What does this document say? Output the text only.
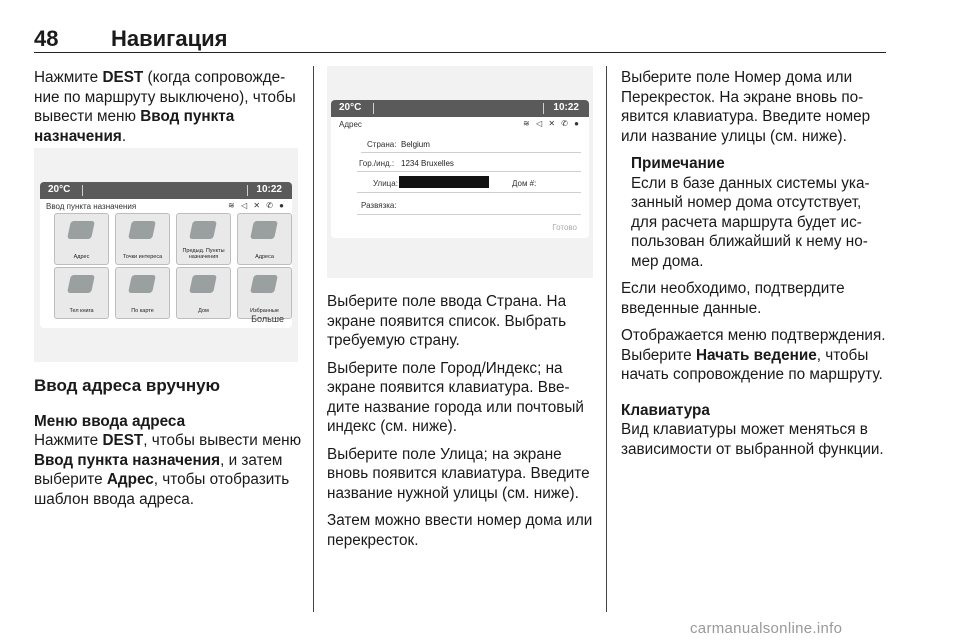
48 Навигация

Нажмите DEST (когда сопровождение по маршруту выключено), чтобы вывести меню Ввод пункта назначения.

20°C	10:22
Ввод пункта назначения	≋ ◁ ✕ ✆ ●
Адрес	Точки интереса
Предыд. Пункты назначения	Адреса
Тел книга	По карте	Дом	Избранные
Больше

Ввод адреса вручную

Меню ввода адреса

Нажмите DEST, чтобы вывести меню Ввод пункта назначения, и затем выберите Адрес, чтобы отобразить шаблон ввода адреса.

20°C	10:22
Адрес	≋ ◁ ✕ ✆ ●
Страна: Belgium
Гор./инд.: 1234 Bruxelles
Улица:	Дом #:
Развязка:
Готово

Выберите поле ввода Страна. На экране появится список. Выбрать требуемую страну.

Выберите поле Город/Индекс; на экране появится клавиатура. Введите название города или почтовый индекс (см. ниже).

Выберите поле Улица; на экране вновь появится клавиатура. Введите название нужной улицы (см. ниже).

Затем можно ввести номер дома или перекресток.

Выберите поле Номер дома или Перекресток. На экране вновь появится клавиатура. Введите номер или название улицы (см. ниже).

Примечание

Если в базе данных системы указанный номер дома отсутствует, для расчета маршрута будет использован ближайший к нему номер дома.

Если необходимо, подтвердите введенные данные.

Отображается меню подтверждения. Выберите Начать ведение, чтобы начать сопровождение по маршруту.

Клавиатура

Вид клавиатуры может меняться в зависимости от выбранной функции.

carmanualsonline.info
